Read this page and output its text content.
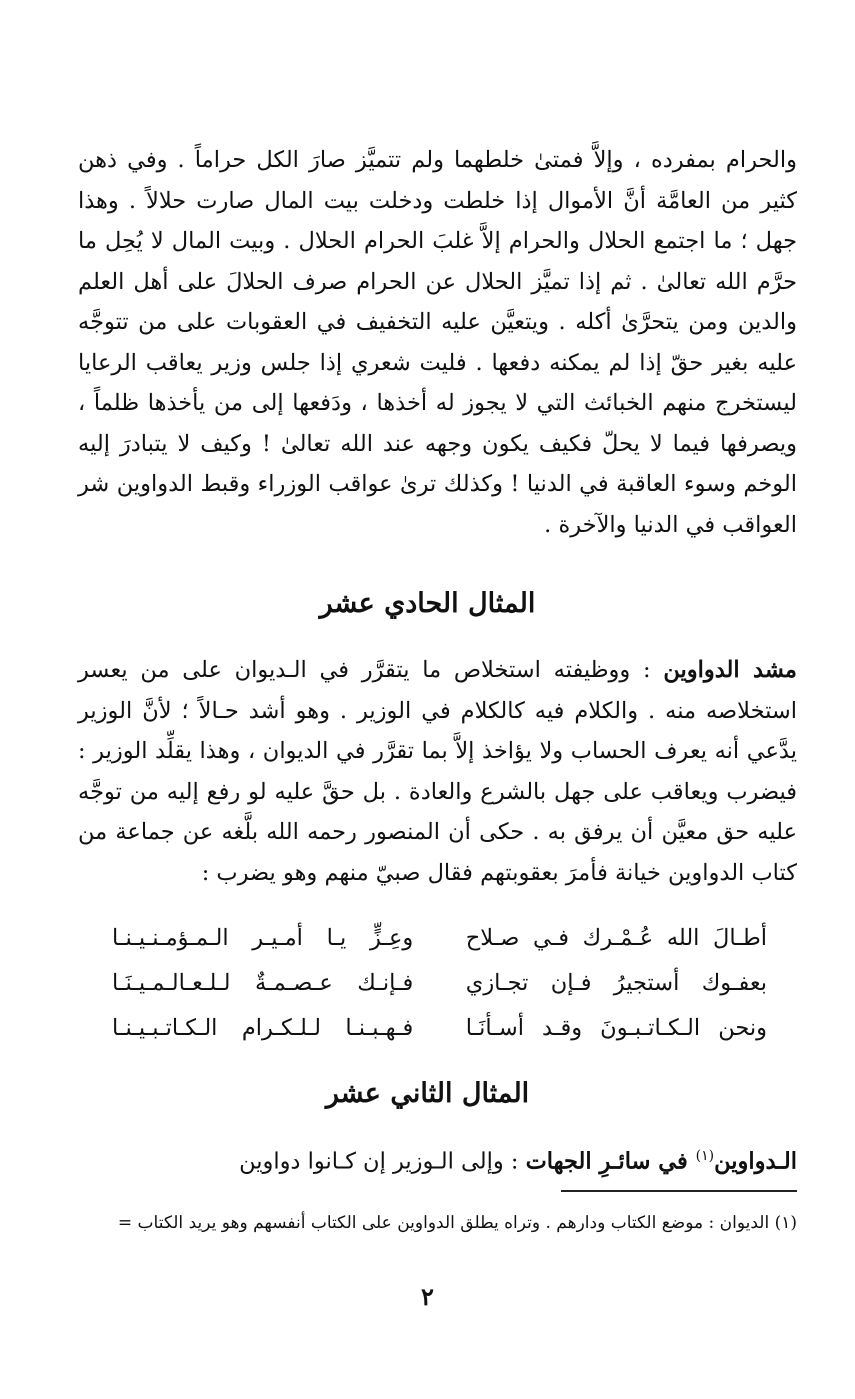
والحرام بمفرده ، وإلاَّ فمتىٰ خلطهما ولم تتميَّز صارَ الكل حراماً . وفي ذهن كثير من العامَّة أنَّ الأموال إذا خلطت ودخلت بيت المال صارت حلالاً . وهذا جهل ؛ ما اجتمع الحلال والحرام إلاَّ غلبَ الحرام الحلال . وبيت المال لا يُحِل ما حرَّم الله تعالىٰ . ثم إذا تميَّز الحلال عن الحرام صرف الحلالَ على أهل العلم والدين ومن يتحرَّىٰ أكله . ويتعيَّن عليه التخفيف في العقوبات على من تتوجَّه عليه بغير حقّ إذا لم يمكنه دفعها . فليت شعري إذا جلس وزير يعاقب الرعايا ليستخرج منهم الخبائث التي لا يجوز له أخذها ، ودَفعها إلى من يأخذها ظلماً ، ويصرفها فيما لا يحلّ فكيف يكون وجهه عند الله تعالىٰ ! وكيف لا يتبادرَ إليه الوخم وسوء العاقبة في الدنيا ! وكذلك ترىٰ عواقب الوزراء وقبط الدواوين شر العواقب في الدنيا والآخرة .

المثال الحادي عشر

مشد الدواوين : ووظيفته استخلاص ما يتقرَّر في الـديوان على من يعسر استخلاصه منه . والكلام فيه كالكلام في الوزير . وهو أشد حـالاً ؛ لأنَّ الوزير يدَّعي أنه يعرف الحساب ولا يؤاخذ إلاَّ بما تقرَّر في الديوان ، وهذا يقلِّد الوزير : فيضرب ويعاقب على جهل بالشرع والعادة . بل حقَّ عليه لو رفع إليه من توجَّه عليه حق معيَّن أن يرفق به . حكى أن المنصور رحمه الله بلَّغه عن جماعة من كتاب الدواوين خيانة فأمرَ بعقوبتهم فقال صبيّ منهم وهو يضرب :

أطـالَ الله عُـمْـرك فـي صـلاح
وعِـزٍّ يـا أمـيـر الـمـؤمـنـيـنـا
بعفـوك أستجيرُ فـإن تجـازي
فـإنـك عـصـمـةٌ لـلـعـالـمـيـنَـا
ونحن الـكـاتـبـونَ وقـد أسـأنَـا
فـهـبـنـا لـلـكـرام الـكـاتـبـيـنـا
المثال الثاني عشر

الـدواوين$^{(١)}$ في سائـرِ الجهات : وإلى الـوزير إن كـانوا دواوين

(١) الديوان : موضع الكتاب ودارهم . وتراه يطلق الدواوين على الكتاب أنفسهم وهو يريد الكتاب =

٢
